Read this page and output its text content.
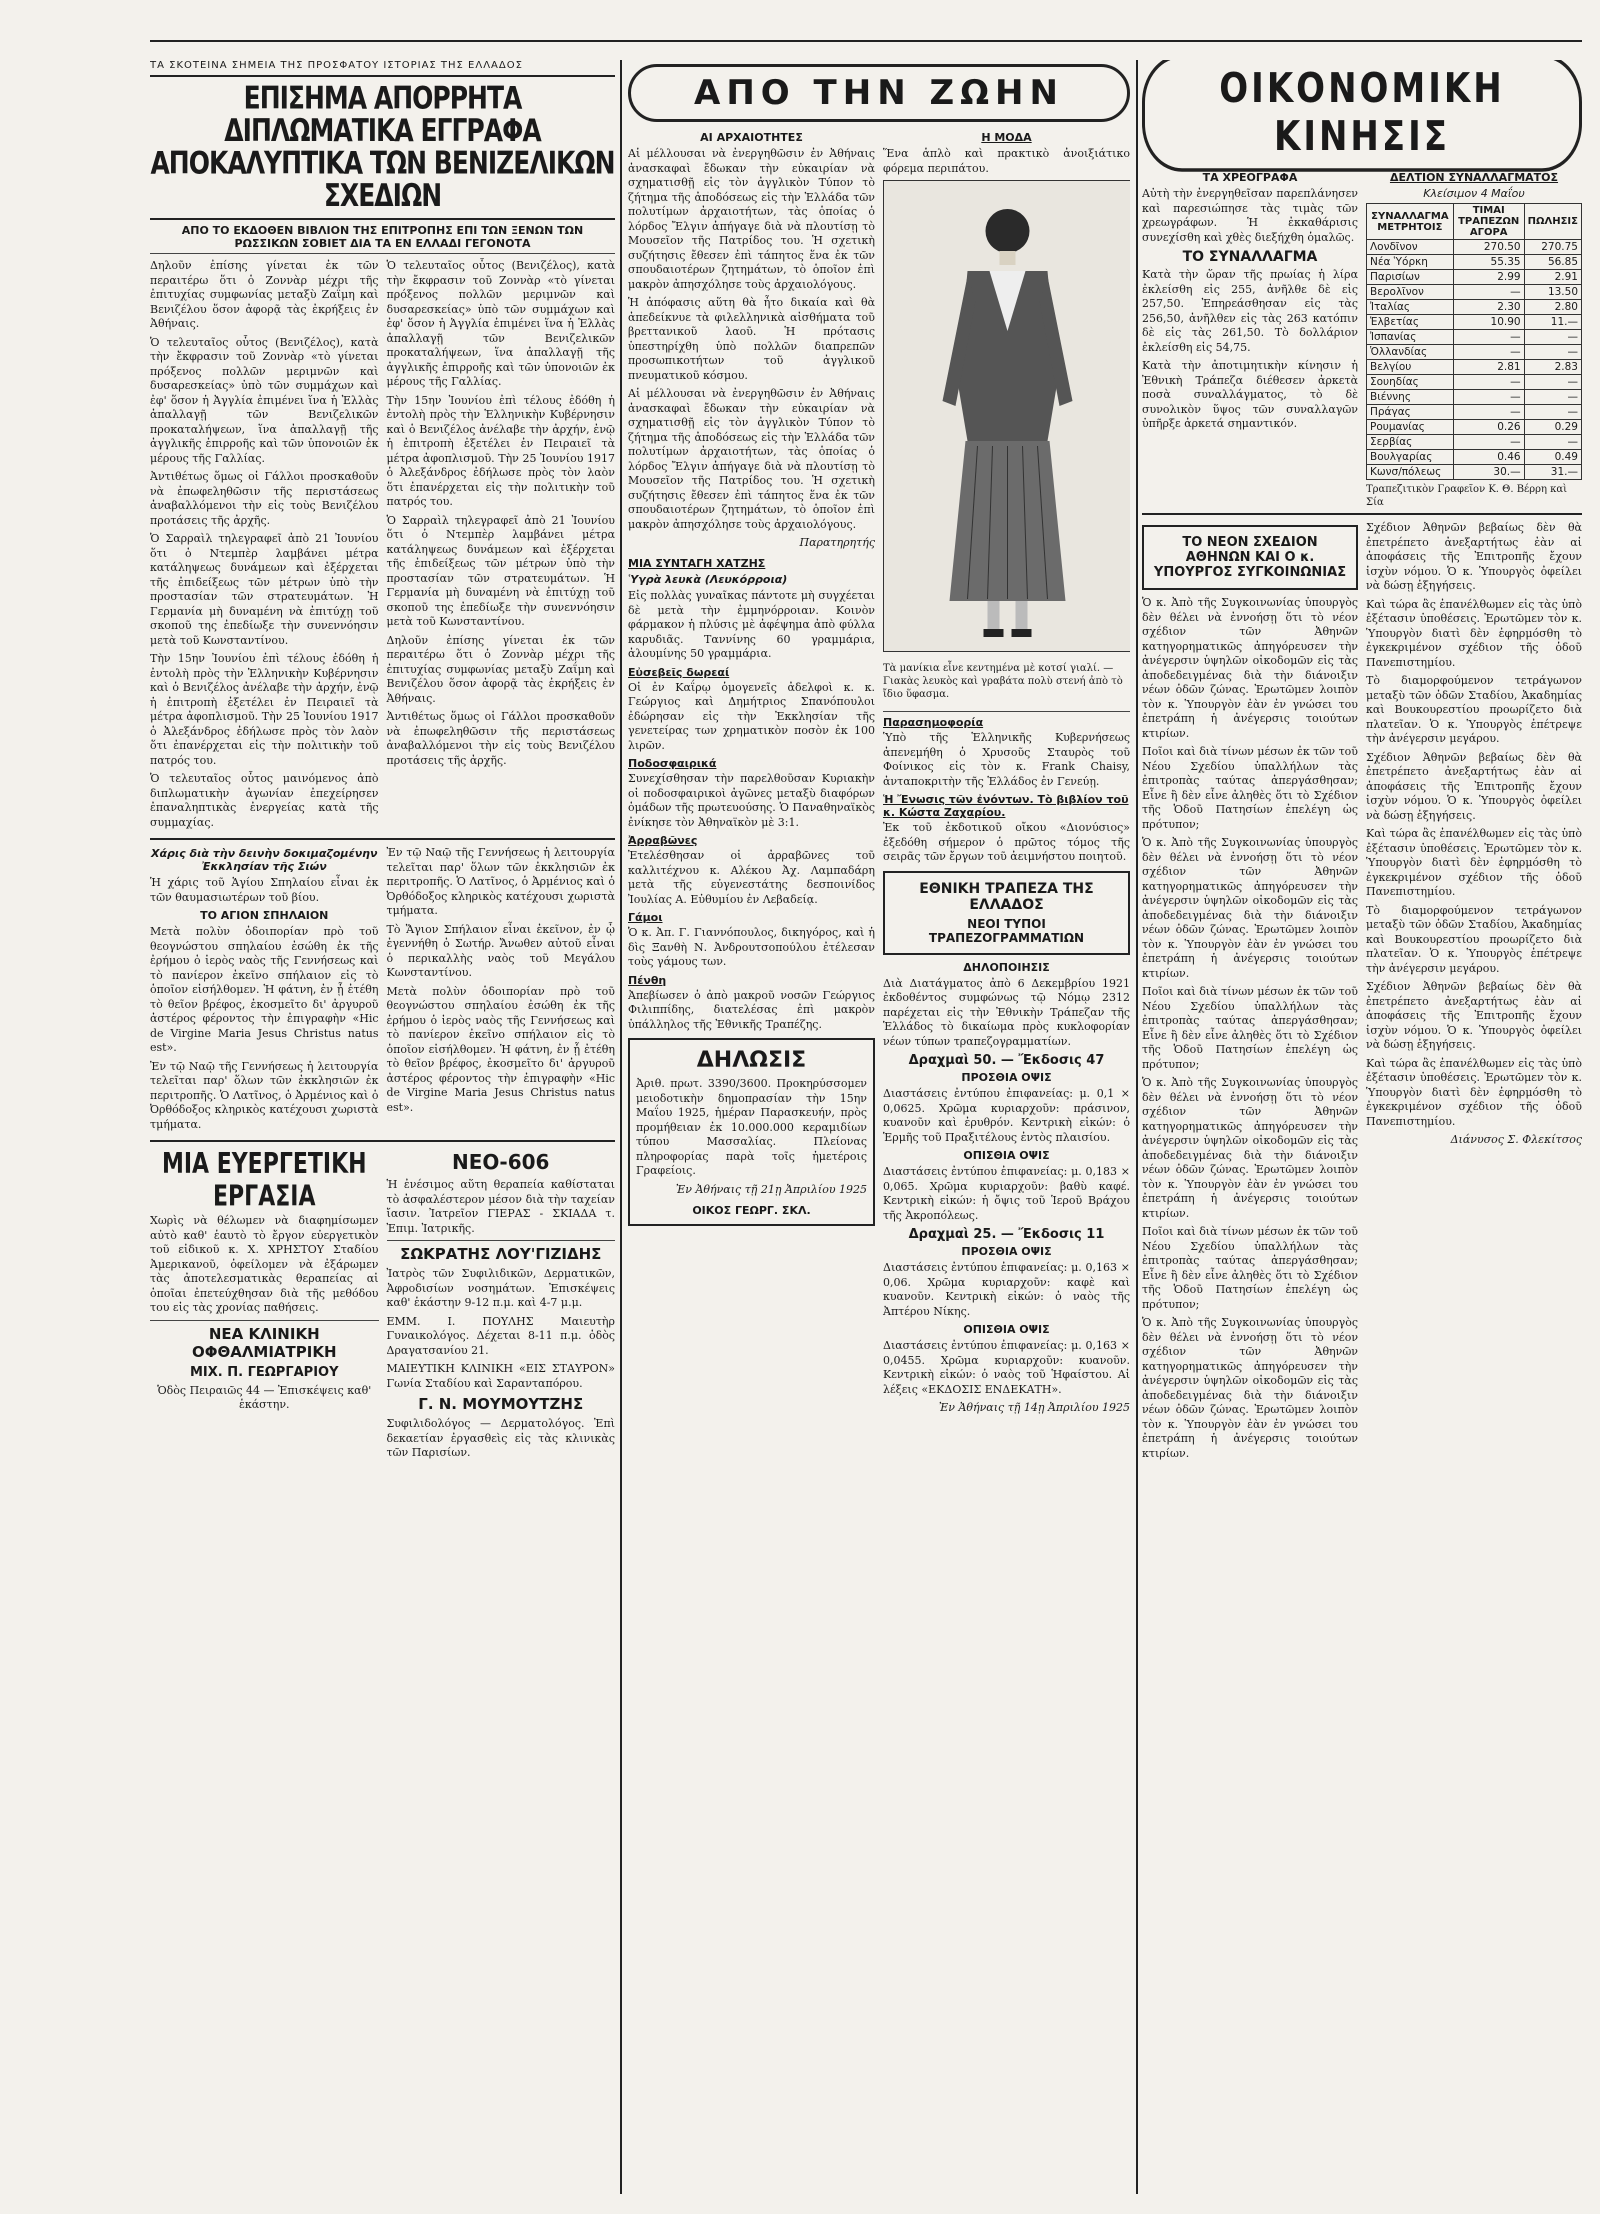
ΤΑ ΣΚΟΤΕΙΝΑ ΣΗΜΕΙΑ ΤΗΣ ΠΡΟΣΦΑΤΟΥ ΙΣΤΟΡΙΑΣ ΤΗΣ ΕΛΛΑΔΟΣ
ΕΠΙΣΗΜΑ ΑΠΟΡΡΗΤΑ ΔΙΠΛΩΜΑΤΙΚΑ ΕΓΓΡΑΦΑ
ΑΠΟΚΑΛΥΠΤΙΚΑ ΤΩΝ ΒΕΝΙΖΕΛΙΚΩΝ ΣΧΕΔΙΩΝ
ΑΠΟ ΤΟ ΕΚΔΟΘΕΝ ΒΙΒΛΙΟΝ ΤΗΣ ΕΠΙΤΡΟΠΗΣ ΕΠΙ ΤΩΝ ΞΕΝΩΝ ΤΩΝ ΡΩΣΣΙΚΩΝ ΣΟΒΙΕΤ ΔΙΑ ΤΑ ΕΝ ΕΛΛΑΔΙ ΓΕΓΟΝΟΤΑ

Δηλοῦν ἐπίσης γίνεται ἐκ τῶν περαιτέρω ὅτι ὁ Ζοννὰρ μέχρι τῆς ἐπιτυχίας συμφωνίας μεταξὺ Ζαΐμη καὶ Βενιζέλου ὅσον ἀφορᾷ τὰς ἐκρήξεις ἐν Ἀθήναις.

Ὁ τελευταῖος οὗτος (Βενιζέλος), κατὰ τὴν ἔκφρασιν τοῦ Ζοννὰρ «τὸ γίνεται πρόξενος πολλῶν μεριμνῶν καὶ δυσαρεσκείας» ὑπὸ τῶν συμμάχων καὶ ἐφ' ὅσον ἡ Ἀγγλία ἐπιμένει ἵνα ἡ Ἑλλὰς ἀπαλλαγῇ τῶν Βενιζελικῶν προκαταλήψεων, ἵνα ἀπαλλαγῇ τῆς ἀγγλικῆς ἐπιρροῆς καὶ τῶν ὑπονοιῶν ἐκ μέρους τῆς Γαλλίας.

Ἀντιθέτως ὅμως οἱ Γάλλοι προσκαθοῦν νὰ ἐπωφεληθῶσιν τῆς περιστάσεως ἀναβαλλόμενοι τὴν εἰς τοὺς Βενιζέλου προτάσεις τῆς ἀρχῆς.

Ὁ Σαρραὶλ τηλεγραφεῖ ἀπὸ 21 Ἰουνίου ὅτι ὁ Ντεμπὲρ λαμβάνει μέτρα κατάληψεως δυνάμεων καὶ ἐξέρχεται τῆς ἐπιδείξεως τῶν μέτρων ὑπὸ τὴν προστασίαν τῶν στρατευμάτων. Ἡ Γερμανία μὴ δυναμένη νὰ ἐπιτύχῃ τοῦ σκοποῦ της ἐπεδίωξε τὴν συνεννόησιν μετὰ τοῦ Κωνσταντίνου.

Τὴν 15ην Ἰουνίου ἐπὶ τέλους ἐδόθη ἡ ἐντολὴ πρὸς τὴν Ἑλληνικὴν Κυβέρνησιν καὶ ὁ Βενιζέλος ἀνέλαβε τὴν ἀρχήν, ἐνῷ ἡ ἐπιτροπὴ ἐξετέλει ἐν Πειραιεῖ τὰ μέτρα ἀφοπλισμοῦ. Τὴν 25 Ἰουνίου 1917 ὁ Ἀλεξάνδρος ἐδήλωσε πρὸς τὸν λαὸν ὅτι ἐπανέρχεται εἰς τὴν πολιτικὴν τοῦ πατρός του.

Ὁ τελευταῖος οὗτος μαινόμενος ἀπὸ διπλωματικὴν ἀγωνίαν ἐπεχείρησεν ἐπαναληπτικὰς ἐνεργείας κατὰ τῆς συμμαχίας.

Ὁ τελευταῖος οὗτος (Βενιζέλος), κατὰ τὴν ἔκφρασιν τοῦ Ζοννὰρ «τὸ γίνεται πρόξενος πολλῶν μεριμνῶν καὶ δυσαρεσκείας» ὑπὸ τῶν συμμάχων καὶ ἐφ' ὅσον ἡ Ἀγγλία ἐπιμένει ἵνα ἡ Ἑλλὰς ἀπαλλαγῇ τῶν Βενιζελικῶν προκαταλήψεων, ἵνα ἀπαλλαγῇ τῆς ἀγγλικῆς ἐπιρροῆς καὶ τῶν ὑπονοιῶν ἐκ μέρους τῆς Γαλλίας.

Τὴν 15ην Ἰουνίου ἐπὶ τέλους ἐδόθη ἡ ἐντολὴ πρὸς τὴν Ἑλληνικὴν Κυβέρνησιν καὶ ὁ Βενιζέλος ἀνέλαβε τὴν ἀρχήν, ἐνῷ ἡ ἐπιτροπὴ ἐξετέλει ἐν Πειραιεῖ τὰ μέτρα ἀφοπλισμοῦ. Τὴν 25 Ἰουνίου 1917 ὁ Ἀλεξάνδρος ἐδήλωσε πρὸς τὸν λαὸν ὅτι ἐπανέρχεται εἰς τὴν πολιτικὴν τοῦ πατρός του.

Ὁ Σαρραὶλ τηλεγραφεῖ ἀπὸ 21 Ἰουνίου ὅτι ὁ Ντεμπὲρ λαμβάνει μέτρα κατάληψεως δυνάμεων καὶ ἐξέρχεται τῆς ἐπιδείξεως τῶν μέτρων ὑπὸ τὴν προστασίαν τῶν στρατευμάτων. Ἡ Γερμανία μὴ δυναμένη νὰ ἐπιτύχῃ τοῦ σκοποῦ της ἐπεδίωξε τὴν συνεννόησιν μετὰ τοῦ Κωνσταντίνου.

Δηλοῦν ἐπίσης γίνεται ἐκ τῶν περαιτέρω ὅτι ὁ Ζοννὰρ μέχρι τῆς ἐπιτυχίας συμφωνίας μεταξὺ Ζαΐμη καὶ Βενιζέλου ὅσον ἀφορᾷ τὰς ἐκρήξεις ἐν Ἀθήναις.

Ἀντιθέτως ὅμως οἱ Γάλλοι προσκαθοῦν νὰ ἐπωφεληθῶσιν τῆς περιστάσεως ἀναβαλλόμενοι τὴν εἰς τοὺς Βενιζέλου προτάσεις τῆς ἀρχῆς.

Χάρις διὰ τὴν δεινὴν δοκιμαζομένην Ἐκκλησίαν τῆς Σιών

Ἡ χάρις τοῦ Ἁγίου Σπηλαίου εἶναι ἐκ τῶν θαυμασιωτέρων τοῦ βίου.

ΤΟ ΑΓΙΟΝ ΣΠΗΛΑΙΟΝ

Μετὰ πολὺν ὁδοιπορίαν πρὸ τοῦ θεογνώστου σπηλαίου ἐσώθη ἐκ τῆς ἐρήμου ὁ ἱερὸς ναὸς τῆς Γεννήσεως καὶ τὸ πανίερον ἐκεῖνο σπήλαιον εἰς τὸ ὁποῖον εἰσήλθομεν. Ἡ φάτνη, ἐν ᾗ ἐτέθη τὸ θεῖον βρέφος, ἐκοσμεῖτο δι' ἀργυροῦ ἀστέρος φέροντος τὴν ἐπιγραφὴν «Hic de Virgine Maria Jesus Christus natus est».

Ἐν τῷ Ναῷ τῆς Γεννήσεως ἡ λειτουργία τελεῖται παρ' ὅλων τῶν ἐκκλησιῶν ἐκ περιτροπῆς. Ὁ Λατῖνος, ὁ Ἀρμένιος καὶ ὁ Ὀρθόδοξος κληρικὸς κατέχουσι χωριστὰ τμήματα.

Ἐν τῷ Ναῷ τῆς Γεννήσεως ἡ λειτουργία τελεῖται παρ' ὅλων τῶν ἐκκλησιῶν ἐκ περιτροπῆς. Ὁ Λατῖνος, ὁ Ἀρμένιος καὶ ὁ Ὀρθόδοξος κληρικὸς κατέχουσι χωριστὰ τμήματα.

Τὸ Ἅγιον Σπήλαιον εἶναι ἐκεῖνον, ἐν ᾧ ἐγεννήθη ὁ Σωτήρ. Ἄνωθεν αὐτοῦ εἶναι ὁ περικαλλὴς ναὸς τοῦ Μεγάλου Κωνσταντίνου.

Μετὰ πολὺν ὁδοιπορίαν πρὸ τοῦ θεογνώστου σπηλαίου ἐσώθη ἐκ τῆς ἐρήμου ὁ ἱερὸς ναὸς τῆς Γεννήσεως καὶ τὸ πανίερον ἐκεῖνο σπήλαιον εἰς τὸ ὁποῖον εἰσήλθομεν. Ἡ φάτνη, ἐν ᾗ ἐτέθη τὸ θεῖον βρέφος, ἐκοσμεῖτο δι' ἀργυροῦ ἀστέρος φέροντος τὴν ἐπιγραφὴν «Hic de Virgine Maria Jesus Christus natus est».

ΜΙΑ ΕΥΕΡΓΕΤΙΚΗ ΕΡΓΑΣΙΑ

Χωρὶς νὰ θέλωμεν νὰ διαφημίσωμεν αὐτὸ καθ' ἑαυτὸ τὸ ἔργον εὐεργετικὸν τοῦ εἰδικοῦ κ. Χ. ΧΡΗΣΤΟΥ Σταδίου Ἀμερικανοῦ, ὀφείλομεν νὰ ἐξάρωμεν τὰς ἀποτελεσματικὰς θεραπείας αἱ ὁποῖαι ἐπετεύχθησαν διὰ τῆς μεθόδου του εἰς τὰς χρονίας παθήσεις.

ΝΕΑ ΚΛΙΝΙΚΗ ΟΦΘΑΛΜΙΑΤΡΙΚΗ
ΜΙΧ. Π. ΓΕΩΡΓΑΡΙΟΥ

Ὁδὸς Πειραιῶς 44 — Ἐπισκέψεις καθ' ἑκάστην.

ΝΕΟ-606

Ἡ ἐνέσιμος αὕτη θεραπεία καθίσταται τὸ ἀσφαλέστερον μέσον διὰ τὴν ταχείαν ἴασιν. Ἰατρεῖον ΓΙΕΡΑΣ - ΣΚΙΑΔΑ τ. Ἐπιμ. Ἰατρικῆς.

ΣΩΚΡΑΤΗΣ ΛΟΥ'ΓΙΖΙΔΗΣ

Ἰατρὸς τῶν Συφιλιδικῶν, Δερματικῶν, Ἀφροδισίων νοσημάτων. Ἐπισκέψεις καθ' ἑκάστην 9-12 π.μ. καὶ 4-7 μ.μ.

ΕΜΜ. Ι. ΠΟΥΛΗΣ Μαιευτὴρ Γυναικολόγος. Δέχεται 8-11 π.μ. ὁδὸς Δραγατσανίου 21.

ΜΑΙΕΥΤΙΚΗ ΚΛΙΝΙΚΗ «ΕΙΣ ΣΤΑΥΡΟΝ» Γωνία Σταδίου καὶ Σαρανταπόρου.

Γ. Ν. ΜΟΥΜΟΥΤΖΗΣ

Συφιλιδολόγος — Δερματολόγος. Ἐπὶ δεκαετίαν ἐργασθεὶς εἰς τὰς κλινικὰς τῶν Παρισίων.

ΑΠΟ ΤΗΝ ΖΩΗΝ
ΑΙ ΑΡΧΑΙΟΤΗΤΕΣ

Αἱ μέλλουσαι νὰ ἐνεργηθῶσιν ἐν Ἀθήναις ἀνασκαφαὶ ἔδωκαν τὴν εὐκαιρίαν νὰ σχηματισθῇ εἰς τὸν ἀγγλικὸν Τύπον τὸ ζήτημα τῆς ἀποδόσεως εἰς τὴν Ἑλλάδα τῶν πολυτίμων ἀρχαιοτήτων, τὰς ὁποίας ὁ λόρδος Ἔλγιν ἀπήγαγε διὰ νὰ πλουτίσῃ τὸ Μουσεῖον τῆς Πατρίδος του. Ἡ σχετικὴ συζήτησις ἔθεσεν ἐπὶ τάπητος ἕνα ἐκ τῶν σπουδαιοτέρων ζητημάτων, τὸ ὁποῖον ἐπὶ μακρὸν ἀπησχόλησε τοὺς ἀρχαιολόγους.

Ἡ ἀπόφασις αὕτη θὰ ἦτο δικαία καὶ θὰ ἀπεδείκνυε τὰ φιλελληνικὰ αἰσθήματα τοῦ βρεττανικοῦ λαοῦ. Ἡ πρότασις ὑπεστηρίχθη ὑπὸ πολλῶν διαπρεπῶν προσωπικοτήτων τοῦ ἀγγλικοῦ πνευματικοῦ κόσμου.

Αἱ μέλλουσαι νὰ ἐνεργηθῶσιν ἐν Ἀθήναις ἀνασκαφαὶ ἔδωκαν τὴν εὐκαιρίαν νὰ σχηματισθῇ εἰς τὸν ἀγγλικὸν Τύπον τὸ ζήτημα τῆς ἀποδόσεως εἰς τὴν Ἑλλάδα τῶν πολυτίμων ἀρχαιοτήτων, τὰς ὁποίας ὁ λόρδος Ἔλγιν ἀπήγαγε διὰ νὰ πλουτίσῃ τὸ Μουσεῖον τῆς Πατρίδος του. Ἡ σχετικὴ συζήτησις ἔθεσεν ἐπὶ τάπητος ἕνα ἐκ τῶν σπουδαιοτέρων ζητημάτων, τὸ ὁποῖον ἐπὶ μακρὸν ἀπησχόλησε τοὺς ἀρχαιολόγους.

Παρατηρητής
ΜΙΑ ΣΥΝΤΑΓΗ ΧΑΤΖΗΣ
Ὑγρὰ λευκὰ (Λευκόρροια)

Εἰς πολλὰς γυναῖκας πάντοτε μὴ συγχέεται δὲ μετὰ τὴν ἐμμηνόρροιαν. Κοινὸν φάρμακον ἡ πλύσις μὲ ἀφέψημα ἀπὸ φύλλα καρυδιᾶς. Ταννίνης 60 γραμμάρια, ἀλουμίνης 50 γραμμάρια.

Εὐσεβεῖς δωρεαί

Οἱ ἐν Καΐρῳ ὁμογενεῖς ἀδελφοὶ κ. κ. Γεώργιος καὶ Δημήτριος Σπανόπουλοι ἐδώρησαν εἰς τὴν Ἐκκλησίαν τῆς γενετείρας των χρηματικὸν ποσὸν ἐκ 100 λιρῶν.

Ποδοσφαιρικά

Συνεχίσθησαν τὴν παρελθοῦσαν Κυριακὴν οἱ ποδοσφαιρικοὶ ἀγῶνες μεταξὺ διαφόρων ὁμάδων τῆς πρωτευούσης. Ὁ Παναθηναϊκὸς ἐνίκησε τὸν Ἀθηναϊκὸν μὲ 3:1.

Ἀρραβῶνες

Ἐτελέσθησαν οἱ ἀρραβῶνες τοῦ καλλιτέχνου κ. Αλέκου Ἀχ. Λαμπαδάρη μετὰ τῆς εὐγενεστάτης δεσποινίδος Ἰουλίας Α. Εὐθυμίου ἐν Λεβαδείᾳ.

Γάμοι

Ὁ κ. Ἀπ. Γ. Γιαννόπουλος, δικηγόρος, καὶ ἡ δὶς Ξανθὴ Ν. Ἀνδρουτσοπούλου ἐτέλεσαν τοὺς γάμους των.

Πένθη

Ἀπεβίωσεν ὁ ἀπὸ μακροῦ νοσῶν Γεώργιος Φιλιππίδης, διατελέσας ἐπὶ μακρὸν ὑπάλληλος τῆς Ἐθνικῆς Τραπέζης.

ΔΗΛΩΣΙΣ

Ἀριθ. πρωτ. 3390/3600. Προκηρύσσομεν μειοδοτικὴν δημοπρασίαν τὴν 15ην Μαΐου 1925, ἡμέραν Παρασκευήν, πρὸς προμήθειαν ἐκ 10.000.000 κεραμιδίων τύπου Μασσαλίας. Πλείονας πληροφορίας παρὰ τοῖς ἡμετέροις Γραφείοις.

Ἐν Ἀθήναις τῇ 21ῃ Ἀπριλίου 1925
ΟΙΚΟΣ ΓΕΩΡΓ. ΣΚΛ.
Η ΜΟΔΑ

Ἕνα ἁπλὸ καὶ πρακτικὸ ἀνοιξιάτικο φόρεμα περιπάτου.

Τὰ μανίκια εἶνε κεντημένα μὲ κοτσί γιαλί. — Γιακὰς λευκὸς καὶ γραβάτα πολὺ στενή ἀπὸ τὸ ἴδιο ὕφασμα.

Παρασημοφορία

Ὑπὸ τῆς Ἑλληνικῆς Κυβερνήσεως ἀπενεμήθη ὁ Χρυσοῦς Σταυρὸς τοῦ Φοίνικος εἰς τὸν κ. Frank Chaisy, ἀνταποκριτὴν τῆς Ἑλλάδος ἐν Γενεύῃ.

Ἡ Ἔνωσις τῶν ἐνόντων. Τὸ βιβλίον τοῦ κ. Κώστα Ζαχαρίου.

Ἐκ τοῦ ἐκδοτικοῦ οἴκου «Διονύσιος» ἐξεδόθη σήμερον ὁ πρῶτος τόμος τῆς σειρᾶς τῶν ἔργων τοῦ ἀειμνήστου ποιητοῦ.

ΕΘΝΙΚΗ ΤΡΑΠΕΖΑ ΤΗΣ ΕΛΛΑΔΟΣ
ΝΕΟΙ ΤΥΠΟΙ ΤΡΑΠΕΖΟΓΡΑΜΜΑΤΙΩΝ
ΔΗΛΟΠΟΙΗΣΙΣ

Διὰ Διατάγματος ἀπὸ 6 Δεκεμβρίου 1921 ἐκδοθέντος συμφώνως τῷ Νόμῳ 2312 παρέχεται εἰς τὴν Ἐθνικὴν Τράπεζαν τῆς Ἑλλάδος τὸ δικαίωμα πρὸς κυκλοφορίαν νέων τύπων τραπεζογραμματίων.

Δραχμαὶ 50. — Ἔκδοσις 47
ΠΡΟΣΘΙΑ ΟΨΙΣ

Διαστάσεις ἐντύπου ἐπιφανείας: μ. 0,1 × 0,0625. Χρῶμα κυριαρχοῦν: πράσινον, κυανοῦν καὶ ἐρυθρόν. Κεντρικὴ εἰκών: ὁ Ἑρμῆς τοῦ Πραξιτέλους ἐντὸς πλαισίου.

ΟΠΙΣΘΙΑ ΟΨΙΣ

Διαστάσεις ἐντύπου ἐπιφανείας: μ. 0,183 × 0,065. Χρῶμα κυριαρχοῦν: βαθὺ καφέ. Κεντρικὴ εἰκών: ἡ ὄψις τοῦ Ἱεροῦ Βράχου τῆς Ἀκροπόλεως.

Δραχμαὶ 25. — Ἔκδοσις 11
ΠΡΟΣΘΙΑ ΟΨΙΣ

Διαστάσεις ἐντύπου ἐπιφανείας: μ. 0,163 × 0,06. Χρῶμα κυριαρχοῦν: καφὲ καὶ κυανοῦν. Κεντρικὴ εἰκών: ὁ ναὸς τῆς Ἀπτέρου Νίκης.

ΟΠΙΣΘΙΑ ΟΨΙΣ

Διαστάσεις ἐντύπου ἐπιφανείας: μ. 0,163 × 0,0455. Χρῶμα κυριαρχοῦν: κυανοῦν. Κεντρικὴ εἰκών: ὁ ναὸς τοῦ Ἡφαίστου. Αἱ λέξεις «ΕΚΔΟΣΙΣ ΕΝΔΕΚΑΤΗ».

Ἐν Ἀθήναις τῇ 14ῃ Ἀπριλίου 1925
ΟΙΚΟΝΟΜΙΚΗ ΚΙΝΗΣΙΣ
ΤΑ ΧΡΕΟΓΡΑΦΑ

Αὐτὴ τὴν ἐνεργηθεῖσαν παρεπλάνησεν καὶ παρεσιώπησε τὰς τιμὰς τῶν χρεωγράφων. Ἡ ἐκκαθάρισις συνεχίσθη καὶ χθὲς διεξήχθη ὁμαλῶς.

ΤΟ ΣΥΝΑΛΛΑΓΜΑ

Κατὰ τὴν ὥραν τῆς πρωίας ἡ λίρα ἐκλείσθη εἰς 255, ἀνῆλθε δὲ εἰς 257,50. Ἐπηρεάσθησαν εἰς τὰς 256,50, ἀνῆλθεν εἰς τὰς 263 κατόπιν δὲ εἰς τὰς 261,50. Τὸ δολλάριον ἐκλείσθη εἰς 54,75.

Κατὰ τὴν ἀποτιμητικὴν κίνησιν ἡ Ἐθνικὴ Τράπεζα διέθεσεν ἀρκετὰ ποσὰ συναλλάγματος, τὸ δὲ συνολικὸν ὕψος τῶν συναλλαγῶν ὑπῆρξε ἀρκετά σημαντικόν.

ΔΕΛΤΙΟΝ ΣΥΝΑΛΛΑΓΜΑΤΟΣ
Κλείσιμον 4 Μαΐου
ΣΥΝΑΛΛΑΓΜΑ ΜΕΤΡΗΤΟΙΣ	ΤΙΜΑΙ ΤΡΑΠΕΖΩΝ ΑΓΟΡΑ	ΠΩΛΗΣΙΣ
Λονδῖνον	270.50	270.75
Νέα Ὑόρκη	55.35	56.85
Παρισίων	2.99	2.91
Βερολῖνον	—	13.50
Ἰταλίας	2.30	2.80
Ἑλβετίας	10.90	11.—
Ἰσπανίας	—	—
Ὁλλανδίας	—	—
Βελγίου	2.81	2.83
Σουηδίας	—	—
Βιέννης	—	—
Πράγας	—	—
Ρουμανίας	0.26	0.29
Σερβίας	—	—
Βουλγαρίας	0.46	0.49
Κωνσ/πόλεως	30.—	31.—
Τραπεζιτικὸν Γραφεῖον Κ. Θ. Βέρρη καὶ Σία
ΤΟ ΝΕΟΝ ΣΧΕΔΙΟΝ ΑΘΗΝΩΝ ΚΑΙ Ο κ. ΥΠΟΥΡΓΟΣ ΣΥΓΚΟΙΝΩΝΙΑΣ

Ὁ κ. Ἀπὸ τῆς Συγκοινωνίας ὑπουργὸς δὲν θέλει νὰ ἐννοήσῃ ὅτι τὸ νέον σχέδιον τῶν Ἀθηνῶν κατηγορηματικῶς ἀπηγόρευσεν τὴν ἀνέγερσιν ὑψηλῶν οἰκοδομῶν εἰς τὰς ἀποδεδειγμένας διὰ τὴν διάνοιξιν νέων ὁδῶν ζώνας. Ἐρωτῶμεν λοιπὸν τὸν κ. Ὑπουργὸν ἐὰν ἐν γνώσει του ἐπετράπη ἡ ἀνέγερσις τοιούτων κτιρίων.

Ποῖοι καὶ διὰ τίνων μέσων ἐκ τῶν τοῦ Νέου Σχεδίου ὑπαλλήλων τὰς ἐπιτροπὰς ταύτας ἀπεργάσθησαν; Εἶνε ἢ δὲν εἶνε ἀληθὲς ὅτι τὸ Σχέδιον τῆς Ὁδοῦ Πατησίων ἐπελέγη ὡς πρότυπον;

Ὁ κ. Ἀπὸ τῆς Συγκοινωνίας ὑπουργὸς δὲν θέλει νὰ ἐννοήσῃ ὅτι τὸ νέον σχέδιον τῶν Ἀθηνῶν κατηγορηματικῶς ἀπηγόρευσεν τὴν ἀνέγερσιν ὑψηλῶν οἰκοδομῶν εἰς τὰς ἀποδεδειγμένας διὰ τὴν διάνοιξιν νέων ὁδῶν ζώνας. Ἐρωτῶμεν λοιπὸν τὸν κ. Ὑπουργὸν ἐὰν ἐν γνώσει του ἐπετράπη ἡ ἀνέγερσις τοιούτων κτιρίων.

Ποῖοι καὶ διὰ τίνων μέσων ἐκ τῶν τοῦ Νέου Σχεδίου ὑπαλλήλων τὰς ἐπιτροπὰς ταύτας ἀπεργάσθησαν; Εἶνε ἢ δὲν εἶνε ἀληθὲς ὅτι τὸ Σχέδιον τῆς Ὁδοῦ Πατησίων ἐπελέγη ὡς πρότυπον;

Ὁ κ. Ἀπὸ τῆς Συγκοινωνίας ὑπουργὸς δὲν θέλει νὰ ἐννοήσῃ ὅτι τὸ νέον σχέδιον τῶν Ἀθηνῶν κατηγορηματικῶς ἀπηγόρευσεν τὴν ἀνέγερσιν ὑψηλῶν οἰκοδομῶν εἰς τὰς ἀποδεδειγμένας διὰ τὴν διάνοιξιν νέων ὁδῶν ζώνας. Ἐρωτῶμεν λοιπὸν τὸν κ. Ὑπουργὸν ἐὰν ἐν γνώσει του ἐπετράπη ἡ ἀνέγερσις τοιούτων κτιρίων.

Ποῖοι καὶ διὰ τίνων μέσων ἐκ τῶν τοῦ Νέου Σχεδίου ὑπαλλήλων τὰς ἐπιτροπὰς ταύτας ἀπεργάσθησαν; Εἶνε ἢ δὲν εἶνε ἀληθὲς ὅτι τὸ Σχέδιον τῆς Ὁδοῦ Πατησίων ἐπελέγη ὡς πρότυπον;

Ὁ κ. Ἀπὸ τῆς Συγκοινωνίας ὑπουργὸς δὲν θέλει νὰ ἐννοήσῃ ὅτι τὸ νέον σχέδιον τῶν Ἀθηνῶν κατηγορηματικῶς ἀπηγόρευσεν τὴν ἀνέγερσιν ὑψηλῶν οἰκοδομῶν εἰς τὰς ἀποδεδειγμένας διὰ τὴν διάνοιξιν νέων ὁδῶν ζώνας. Ἐρωτῶμεν λοιπὸν τὸν κ. Ὑπουργὸν ἐὰν ἐν γνώσει του ἐπετράπη ἡ ἀνέγερσις τοιούτων κτιρίων.

Σχέδιον Ἀθηνῶν βεβαίως δὲν θὰ ἐπετρέπετο ἀνεξαρτήτως ἐὰν αἱ ἀποφάσεις τῆς Ἐπιτροπῆς ἔχουν ἰσχὺν νόμου. Ὁ κ. Ὑπουργὸς ὀφείλει νὰ δώσῃ ἐξηγήσεις.

Καὶ τώρα ἂς ἐπανέλθωμεν εἰς τὰς ὑπὸ ἐξέτασιν ὑποθέσεις. Ἐρωτῶμεν τὸν κ. Ὑπουργὸν διατὶ δὲν ἐφηρμόσθη τὸ ἐγκεκριμένον σχέδιον τῆς ὁδοῦ Πανεπιστημίου.

Τὸ διαμορφούμενον τετράγωνον μεταξὺ τῶν ὁδῶν Σταδίου, Ἀκαδημίας καὶ Βουκουρεστίου προωρίζετο διὰ πλατεῖαν. Ὁ κ. Ὑπουργὸς ἐπέτρεψε τὴν ἀνέγερσιν μεγάρου.

Σχέδιον Ἀθηνῶν βεβαίως δὲν θὰ ἐπετρέπετο ἀνεξαρτήτως ἐὰν αἱ ἀποφάσεις τῆς Ἐπιτροπῆς ἔχουν ἰσχὺν νόμου. Ὁ κ. Ὑπουργὸς ὀφείλει νὰ δώσῃ ἐξηγήσεις.

Καὶ τώρα ἂς ἐπανέλθωμεν εἰς τὰς ὑπὸ ἐξέτασιν ὑποθέσεις. Ἐρωτῶμεν τὸν κ. Ὑπουργὸν διατὶ δὲν ἐφηρμόσθη τὸ ἐγκεκριμένον σχέδιον τῆς ὁδοῦ Πανεπιστημίου.

Τὸ διαμορφούμενον τετράγωνον μεταξὺ τῶν ὁδῶν Σταδίου, Ἀκαδημίας καὶ Βουκουρεστίου προωρίζετο διὰ πλατεῖαν. Ὁ κ. Ὑπουργὸς ἐπέτρεψε τὴν ἀνέγερσιν μεγάρου.

Σχέδιον Ἀθηνῶν βεβαίως δὲν θὰ ἐπετρέπετο ἀνεξαρτήτως ἐὰν αἱ ἀποφάσεις τῆς Ἐπιτροπῆς ἔχουν ἰσχὺν νόμου. Ὁ κ. Ὑπουργὸς ὀφείλει νὰ δώσῃ ἐξηγήσεις.

Καὶ τώρα ἂς ἐπανέλθωμεν εἰς τὰς ὑπὸ ἐξέτασιν ὑποθέσεις. Ἐρωτῶμεν τὸν κ. Ὑπουργὸν διατὶ δὲν ἐφηρμόσθη τὸ ἐγκεκριμένον σχέδιον τῆς ὁδοῦ Πανεπιστημίου.

Διάνυσος Σ. Φλεκίτσος
